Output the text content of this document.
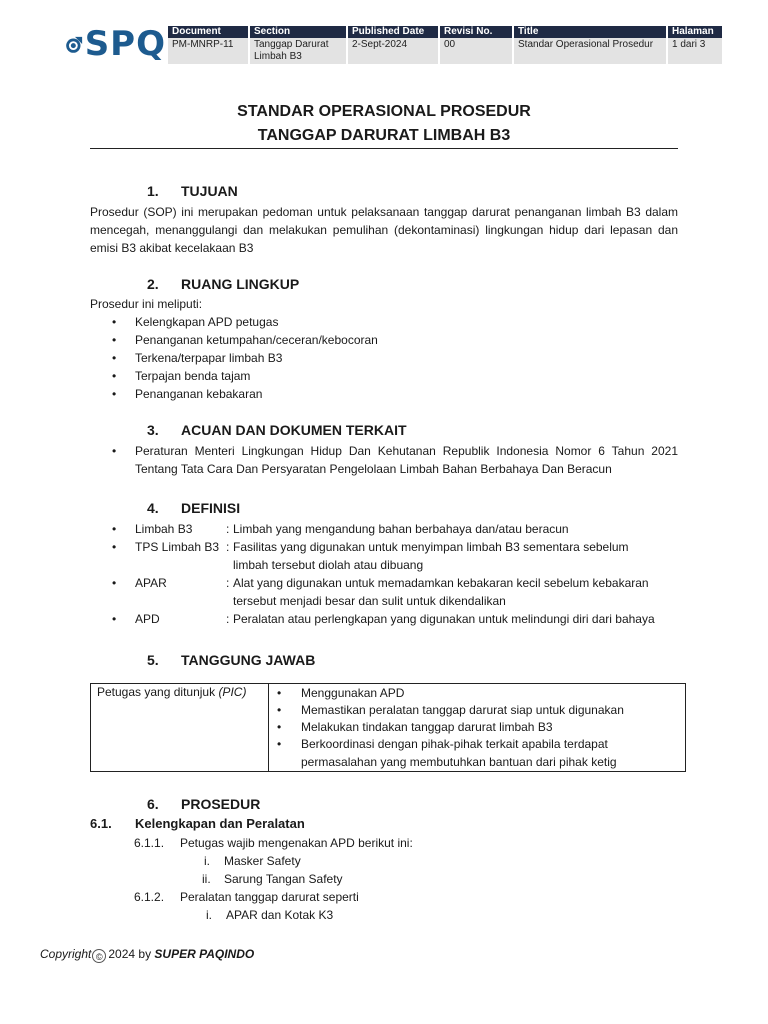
SPQ Document	Section	Published Date	Revisi No.	Title	Halaman
PM-MNRP-11	Tanggap Darurat Limbah B3	2-Sept-2024	00	Standar Operasional Prosedur	1 dari 3
STANDAR OPERASIONAL PROSEDUR
TANGGAP DARURAT LIMBAH B3
1. TUJUAN
Prosedur (SOP) ini merupakan pedoman untuk pelaksanaan tanggap darurat penanganan limbah B3 dalam mencegah, menanggulangi dan melakukan pemulihan (dekontaminasi) lingkungan hidup dari lepasan dan emisi B3 akibat kecelakaan B3
2. RUANG LINGKUP
Prosedur ini meliputi:
• Kelengkapan APD petugas
• Penanganan ketumpahan/ceceran/kebocoran
• Terkena/terpapar limbah B3
• Terpajan benda tajam
• Penanganan kebakaran
3. ACUAN DAN DOKUMEN TERKAIT
• Peraturan Menteri Lingkungan Hidup Dan Kehutanan Republik Indonesia Nomor 6 Tahun 2021 Tentang Tata Cara Dan Persyaratan Pengelolaan Limbah Bahan Berbahaya Dan Beracun
4. DEFINISI
• Limbah B3	: Limbah yang mengandung bahan berbahaya dan/atau beracun
• TPS Limbah B3 : Fasilitas yang digunakan untuk menyimpan limbah B3 sementara sebelum
limbah tersebut diolah atau dibuang
• APAR	: Alat yang digunakan untuk memadamkan kebakaran kecil sebelum kebakaran
tersebut menjadi besar dan sulit untuk dikendalikan
• APD	: Peralatan atau perlengkapan yang digunakan untuk melindungi diri dari bahaya
5. TANGGUNG JAWAB
Petugas yang ditunjuk (PIC)	• Menggunakan APD
• Memastikan peralatan tanggap darurat siap untuk digunakan
• Melakukan tindakan tanggap darurat limbah B3
• Berkoordinasi dengan pihak-pihak terkait apabila terdapat permasalahan yang membutuhkan bantuan dari pihak ketig
6. PROSEDUR
6.1. Kelengkapan dan Peralatan
6.1.1. Petugas wajib mengenakan APD berikut ini:
i. Masker Safety
ii. Sarung Tangan Safety
6.1.2. Peralatan tanggap darurat seperti
i. APAR dan Kotak K3
Copyright © 2024 by SUPER PAQINDO
